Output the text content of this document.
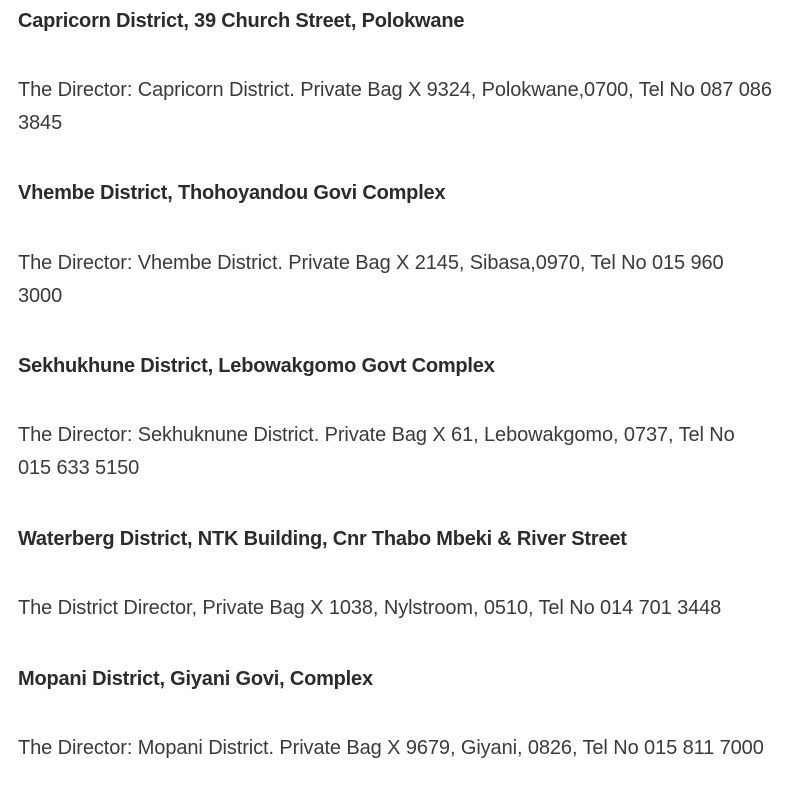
Capricorn District, 39 Church Street, Polokwane

The Director: Capricorn District. Private Bag X 9324, Polokwane,0700, Tel No 087 086 3845

Vhembe District, Thohoyandou Govi Complex

The Director: Vhembe District. Private Bag X 2145, Sibasa,0970, Tel No 015 960 3000

Sekhukhune District, Lebowakgomo Govt Complex

The Director: Sekhuknune District. Private Bag X 61, Lebowakgomo, 0737, Tel No 015 633 5150

Waterberg District, NTK Building, Cnr Thabo Mbeki & River Street

The District Director, Private Bag X 1038, Nylstroom, 0510, Tel No 014 701 3448

Mopani District, Giyani Govi, Complex

The Director: Mopani District. Private Bag X 9679, Giyani, 0826, Tel No 015 811 7000
